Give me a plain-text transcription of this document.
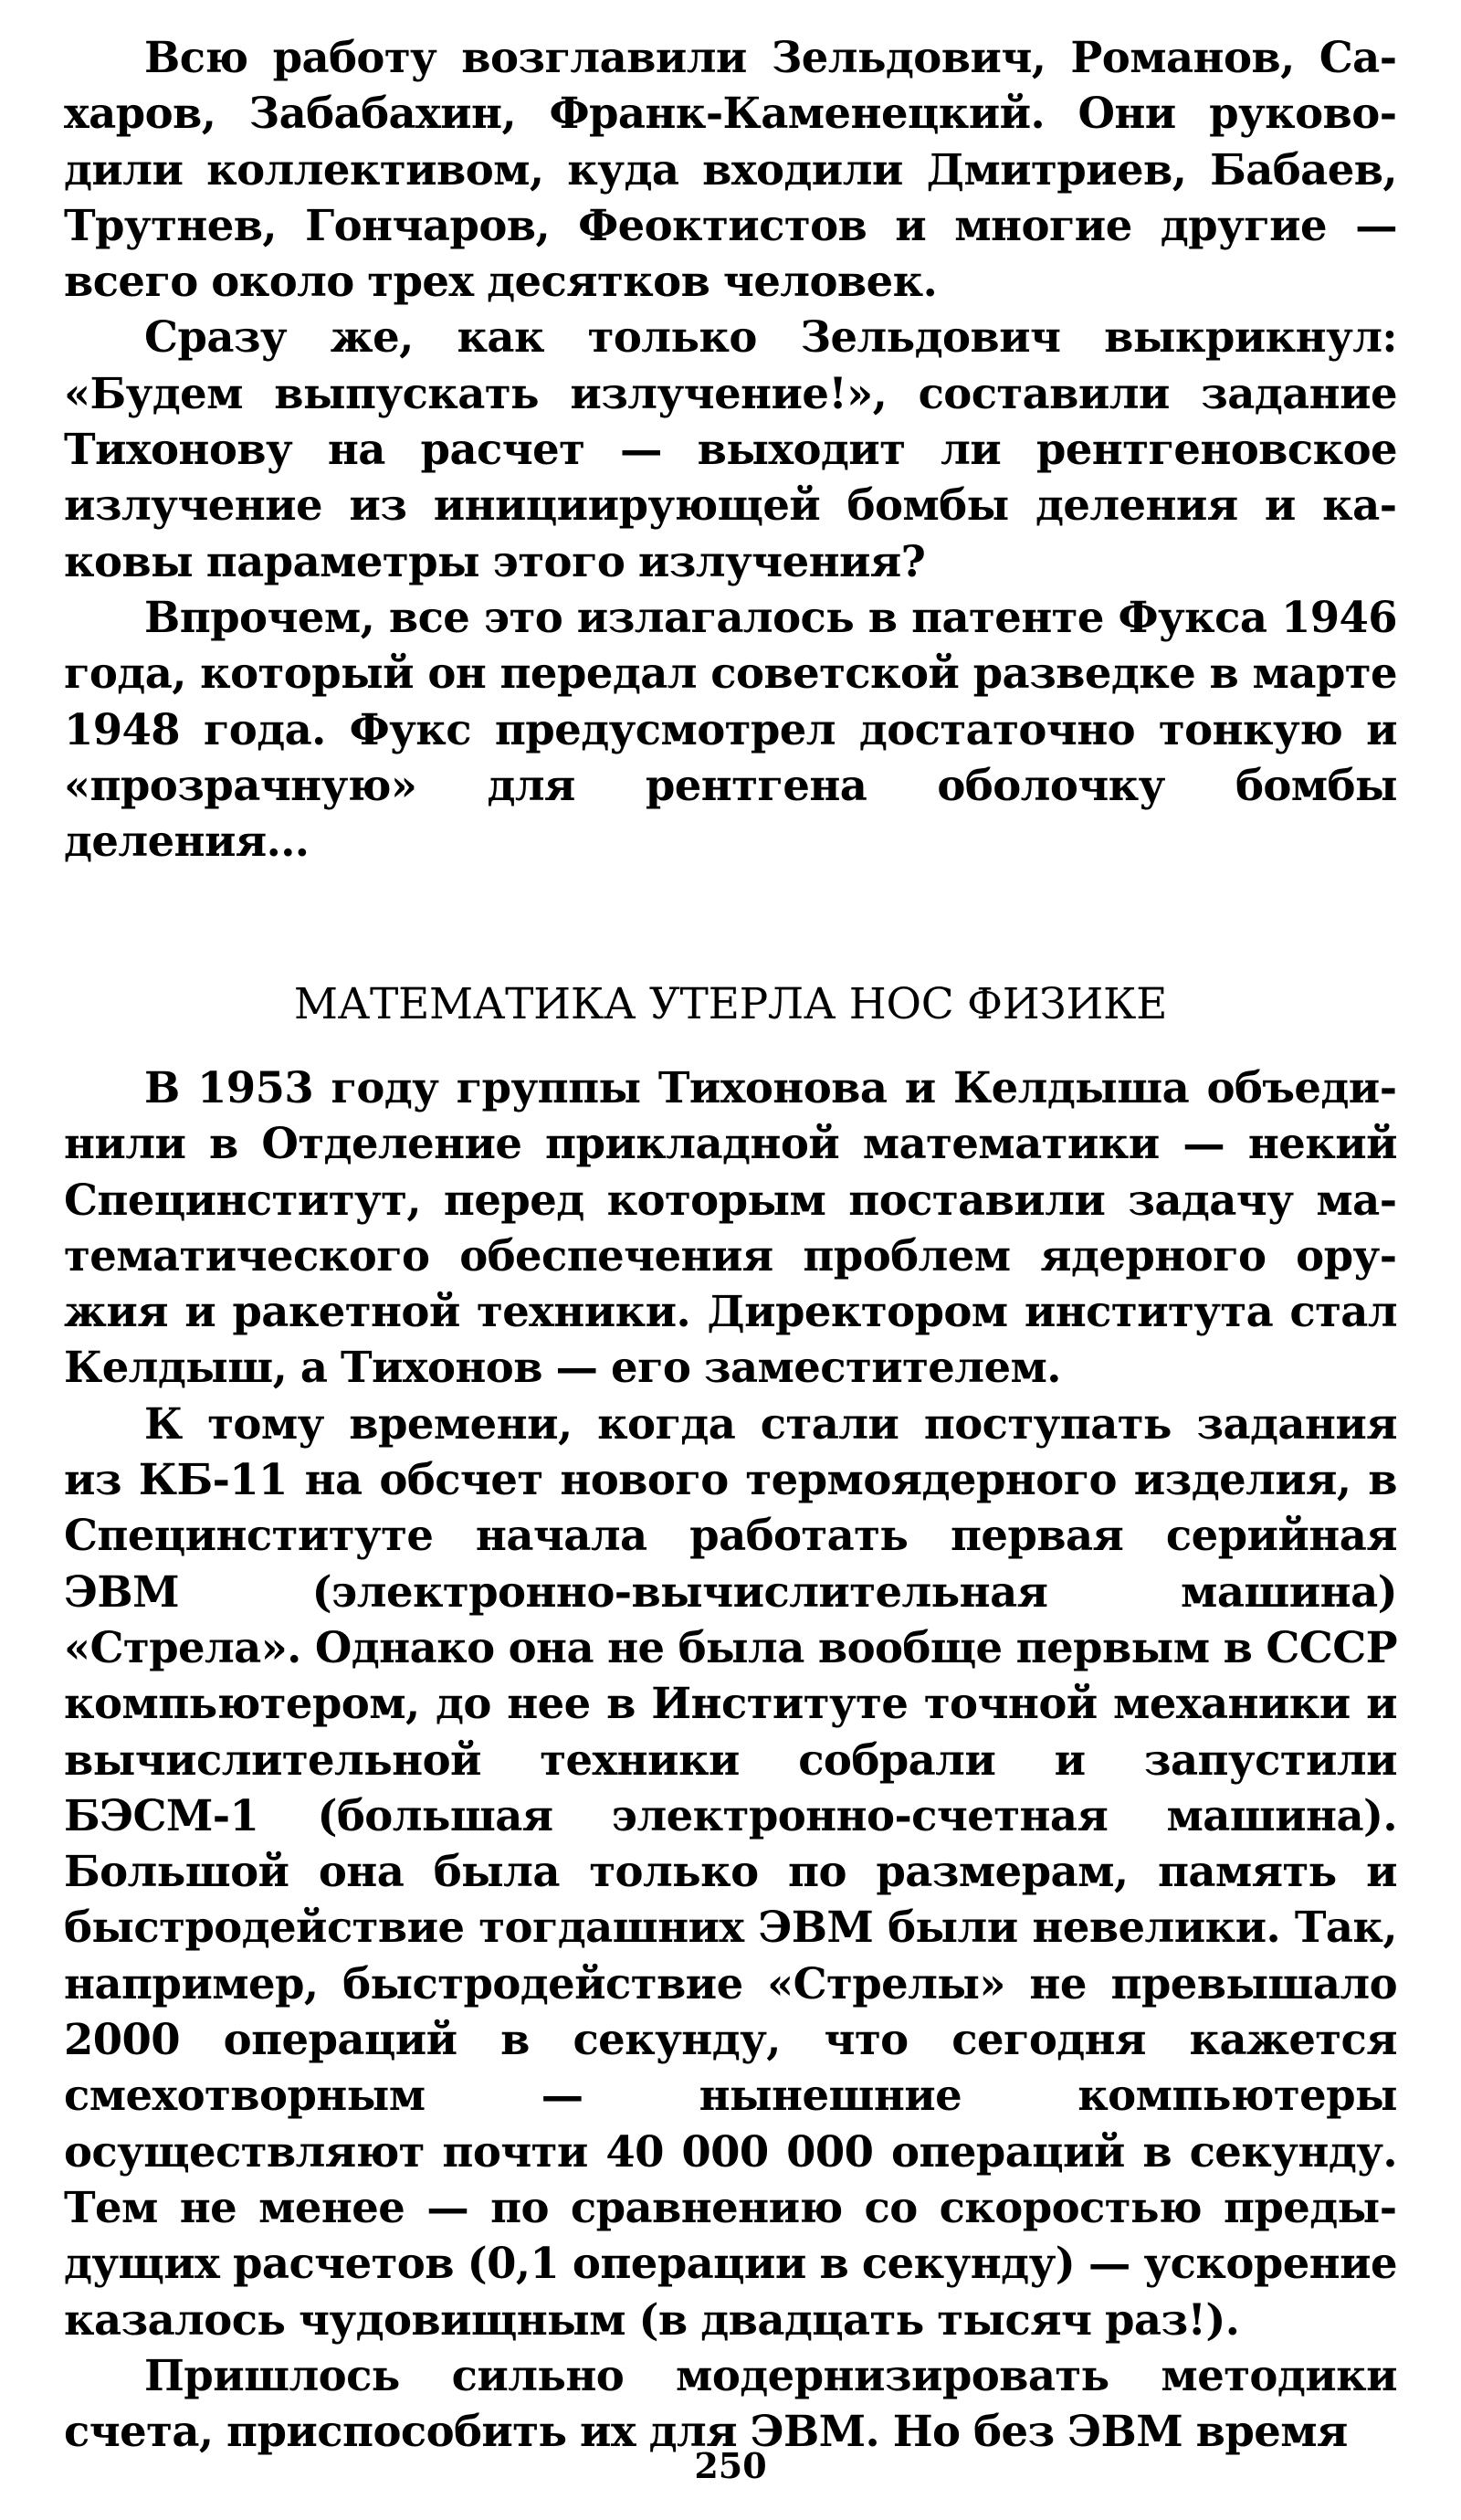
Всю работу возглавили Зельдович, Романов, Сахаров, Забабахин, Франк-Каменецкий. Они руководили коллективом, куда входили Дмитриев, Бабаев, Трутнев, Гончаров, Феоктистов и многие другие — всего около трех десятков человек.

Сразу же, как только Зельдович выкрикнул: «Будем выпускать излучение!», составили задание Тихонову на расчет — выходит ли рентгеновское излучение из инициирующей бомбы деления и каковы параметры этого излучения?

Впрочем, все это излагалось в патенте Фукса 1946 года, который он передал советской разведке в марте 1948 года. Фукс предусмотрел достаточно тонкую и «прозрачную» для рентгена оболочку бомбы деления...

МАТЕМАТИКА УТЕРЛА НОС ФИЗИКЕ

В 1953 году группы Тихонова и Келдыша объединили в Отделение прикладной математики — некий Специнститут, перед которым поставили задачу математического обеспечения проблем ядерного оружия и ракетной техники. Директором института стал Келдыш, а Тихонов — его заместителем.

К тому времени, когда стали поступать задания из КБ-11 на обсчет нового термоядерного изделия, в Специнституте начала работать первая серийная ЭВМ (электронно-вычислительная машина) «Стрела». Однако она не была вообще первым в СССР компьютером, до нее в Институте точной механики и вычислительной техники собрали и запустили БЭСМ-1 (большая электронно-счетная машина). Большой она была только по размерам, память и быстродействие тогдашних ЭВМ были невелики. Так, например, быстродействие «Стрелы» не превышало 2000 операций в секунду, что сегодня кажется смехотворным — нынешние компьютеры осуществляют почти 40 000 000 операций в секунду. Тем не менее — по сравнению со скоростью предыдущих расчетов (0,1 операции в секунду) — ускорение казалось чудовищным (в двадцать тысяч раз!).

Пришлось сильно модернизировать методики счета, приспособить их для ЭВМ. Но без ЭВМ время

250
